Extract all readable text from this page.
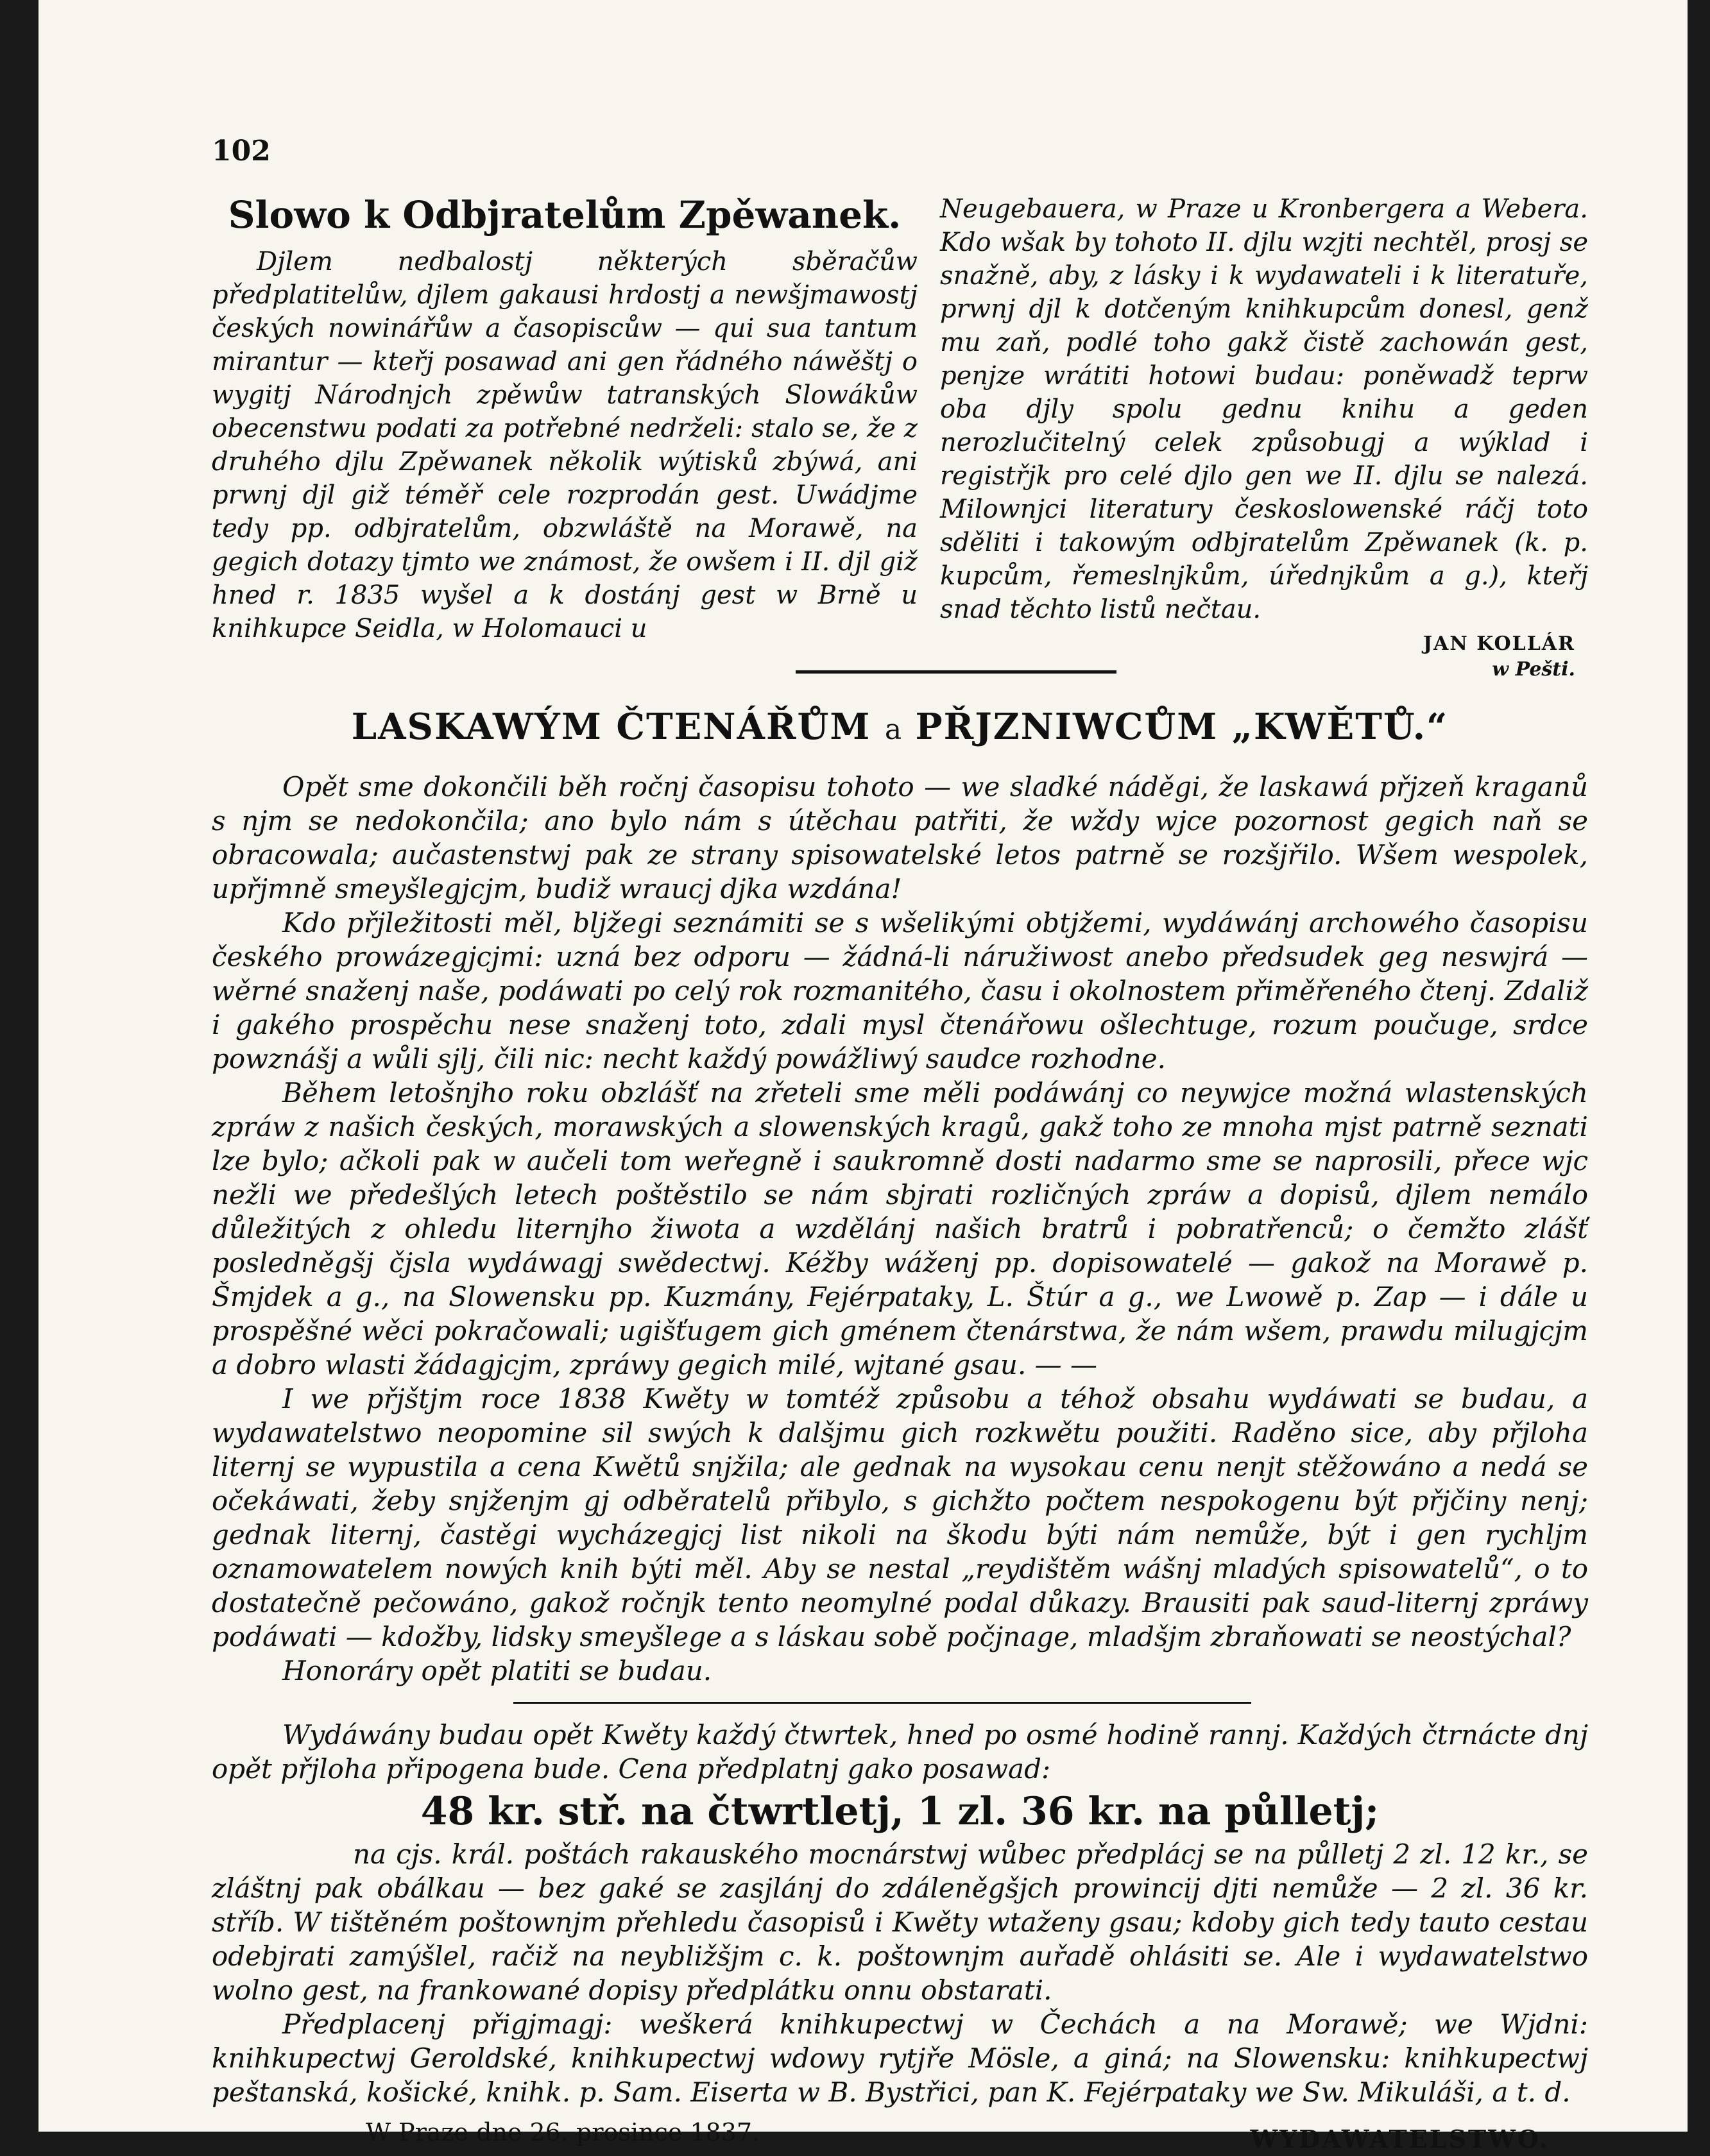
102
Slowo k Odbjratelům Zpěwanek.

Djlem nedbalostj některých sběračůw předplatitelůw, djlem gakausi hrdostj a newšjmawostj českých nowinářůw a časopiscůw — qui sua tantum mirantur — kteřj posawad ani gen řádného náwěštj o wygitj Národnjch zpěwůw tatranských Slowákůw obecenstwu podati za potřebné nedrželi: stalo se, že z druhého djlu Zpěwanek několik wýtisků zbýwá, ani prwnj djl giž téměř cele rozprodán gest. Uwádjme tedy pp. odbjratelům, obzwláště na Morawě, na gegich dotazy tjmto we známost, že owšem i II. djl giž hned r. 1835 wyšel a k dostánj gest w Brně u knihkupce Seidla, w Holomauci u

Neugebauera, w Praze u Kronbergera a Webera. Kdo wšak by tohoto II. djlu wzjti nechtěl, prosj se snažně, aby, z lásky i k wydawateli i k literatuře, prwnj djl k dotčeným knihkupcům donesl, genž mu zaň, podlé toho gakž čistě zachowán gest, penjze wrátiti hotowi budau: poněwadž teprw oba djly spolu gednu knihu a geden nerozlučitelný celek způsobugj a wýklad i registřjk pro celé djlo gen we II. djlu se nalezá. Milownjci literatury českoslowenské ráčj toto sděliti i takowým odbjratelům Zpěwanek (k. p. kupcům, řemeslnjkům, úřednjkům a g.), kteřj snad těchto listů nečtau.

JAN KOLLÁR
w Pešti.
LASKAWÝM ČTENÁŘŮM a PŘJZNIWCŮM „KWĚTŮ.“

Opět sme dokončili běh ročnj časopisu tohoto — we sladké náděgi, že laskawá přjzeň kraganů s njm se nedokončila; ano bylo nám s útěchau patřiti, že wždy wjce pozornost gegich naň se obracowala; aučastenstwj pak ze strany spisowatelské letos patrně se rozšjřilo. Wšem wespolek, upřjmně smeyšlegjcjm, budiž wraucj djka wzdána!

Kdo přjležitosti měl, bljžegi seznámiti se s wšelikými obtjžemi, wydáwánj archowého časopisu českého prowázegjcjmi: uzná bez odporu — žádná-li náružiwost anebo předsudek geg neswjrá — wěrné snaženj naše, podáwati po celý rok rozmanitého, času i okolnostem přiměřeného čtenj. Zdaliž i gakého prospěchu nese snaženj toto, zdali mysl čtenářowu ošlechtuge, rozum poučuge, srdce powznášj a wůli sjlj, čili nic: necht každý powážliwý saudce rozhodne.

Během letošnjho roku obzlášť na zřeteli sme měli podáwánj co neywjce možná wlastenských zpráw z našich českých, morawských a slowenských kragů, gakž toho ze mnoha mjst patrně seznati lze bylo; ačkoli pak w aučeli tom weřegně i saukromně dosti nadarmo sme se naprosili, přece wjc nežli we předešlých letech poštěstilo se nám sbjrati rozličných zpráw a dopisů, djlem nemálo důležitých z ohledu liternjho žiwota a wzdělánj našich bratrů i pobratřenců; o čemžto zlášť posledněgšj čjsla wydáwagj swědectwj. Kéžby wáženj pp. dopisowatelé — gakož na Morawě p. Šmjdek a g., na Slowensku pp. Kuzmány, Fejérpataky, L. Štúr a g., we Lwowě p. Zap — i dále u prospěšné wěci pokračowali; ugišťugem gich gménem čtenárstwa, že nám wšem, prawdu milugjcjm a dobro wlasti žádagjcjm, zpráwy gegich milé, wjtané gsau. — —

I we přjštjm roce 1838 Kwěty w tomtéž způsobu a téhož obsahu wydáwati se budau, a wydawatelstwo neopomine sil swých k dalšjmu gich rozkwětu použiti. Raděno sice, aby přjloha liternj se wypustila a cena Kwětů snjžila; ale gednak na wysokau cenu nenjt stěžowáno a nedá se očekáwati, žeby snjženjm gj odběratelů přibylo, s gichžto počtem nespokogenu být přjčiny nenj; gednak liternj, častěgi wycházegjcj list nikoli na škodu býti nám nemůže, být i gen rychljm oznamowatelem nowých knih býti měl. Aby se nestal „reydištěm wášnj mladých spisowatelů“, o to dostatečně pečowáno, gakož ročnjk tento neomylné podal důkazy. Brausiti pak saud-liternj zpráwy podáwati — kdožby, lidsky smeyšlege a s láskau sobě počjnage, mladšjm zbraňowati se neostýchal?

Honoráry opět platiti se budau.

Wydáwány budau opět Kwěty každý čtwrtek, hned po osmé hodině rannj. Každých čtrnácte dnj opět přjloha připogena bude. Cena předplatnj gako posawad:

48 kr. stř. na čtwrtletj, 1 zl. 36 kr. na půlletj;

na cjs. král. poštách rakauského mocnárstwj wůbec předplácj se na půlletj 2 zl. 12 kr., se zláštnj pak obálkau — bez gaké se zasjlánj do zdáleněgšjch prowincij djti nemůže — 2 zl. 36 kr. stříb. W tištěném poštownjm přehledu časopisů i Kwěty wtaženy gsau; kdoby gich tedy tauto cestau odebjrati zamýšlel, račiž na neybližšjm c. k. poštownjm auřadě ohlásiti se. Ale i wydawatelstwo wolno gest, na frankowané dopisy předplátku onnu obstarati.

Předplacenj přigjmagj: weškerá knihkupectwj w Čechách a na Morawě; we Wjdni: knihkupectwj Geroldské, knihkupectwj wdowy rytjře Mösle, a giná; na Slowensku: knihkupectwj peštanská, košické, knihk. p. Sam. Eiserta w B. Bystřici, pan K. Fejérpataky we Sw. Mikuláši, a t. d.

W Praze dne 26. prosince 1837.	WYDAWATELSTWO.
